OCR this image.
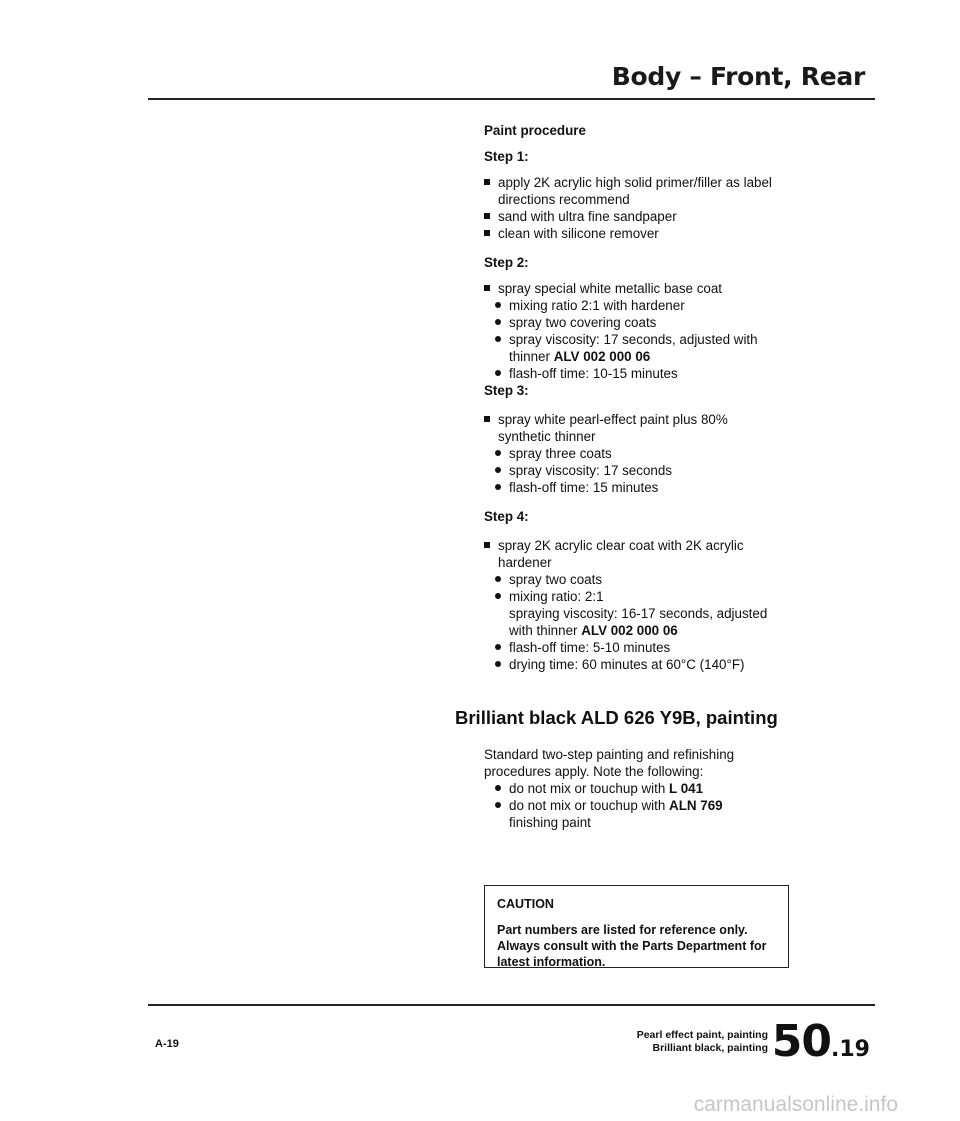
Body – Front, Rear
Paint procedure
Step 1:
apply 2K acrylic high solid primer/filler as label directions recommend
sand with ultra fine sandpaper
clean with silicone remover
Step 2:
spray special white metallic base coat
mixing ratio 2:1 with hardener
spray two covering coats
spray viscosity: 17 seconds, adjusted with thinner ALV 002 000 06
flash-off time: 10-15 minutes
Step 3:
spray white pearl-effect paint plus 80% synthetic thinner
spray three coats
spray viscosity: 17 seconds
flash-off time: 15 minutes
Step 4:
spray 2K acrylic clear coat with 2K acrylic hardener
spray two coats
mixing ratio: 2:1
spraying viscosity: 16-17 seconds, adjusted with thinner ALV 002 000 06
flash-off time: 5-10 minutes
drying time: 60 minutes at 60°C (140°F)
Brilliant black ALD 626 Y9B, painting
Standard two-step painting and refinishing procedures apply. Note the following:
do not mix or touchup with L 041
do not mix or touchup with ALN 769
finishing paint
CAUTION
Part numbers are listed for reference only. Always consult with the Parts Department for latest information.
A-19
Pearl effect paint, painting
Brilliant black, painting 50.19
carmanualsonline.info
